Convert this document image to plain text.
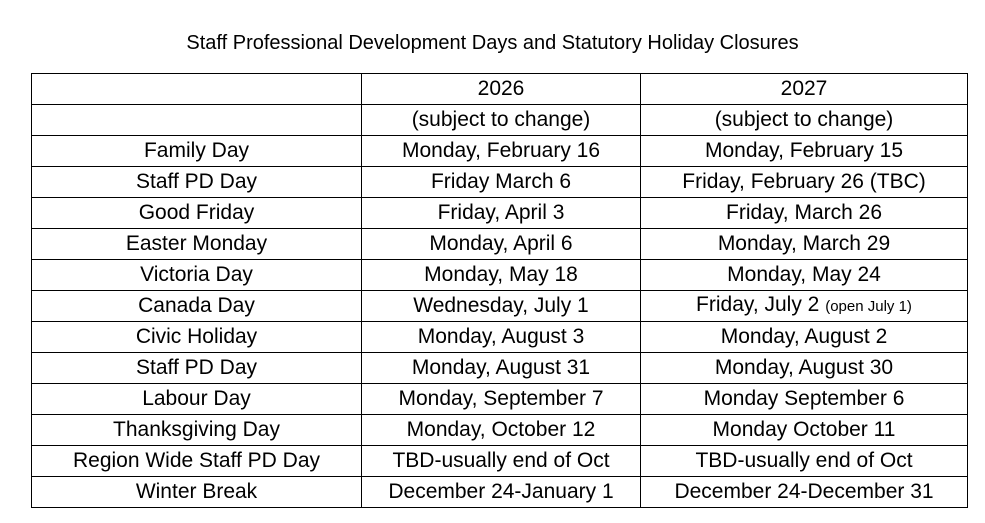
Staff Professional Development Days and Statutory Holiday Closures
	2026	2027
	(subject to change)	(subject to change)
Family Day	Monday, February 16	Monday, February 15
Staff PD Day	Friday March 6	Friday, February 26 (TBC)
Good Friday	Friday, April 3	Friday, March 26
Easter Monday	Monday, April 6	Monday, March 29
Victoria Day	Monday, May 18	Monday, May 24
Canada Day	Wednesday, July 1	Friday, July 2 (open July 1)
Civic Holiday	Monday, August 3	Monday, August 2
Staff PD Day	Monday, August 31	Monday, August 30
Labour Day	Monday, September 7	Monday September 6
Thanksgiving Day	Monday, October 12	Monday October 11
Region Wide Staff PD Day	TBD-usually end of Oct	TBD-usually end of Oct
Winter Break	December 24-January 1	December 24-December 31
